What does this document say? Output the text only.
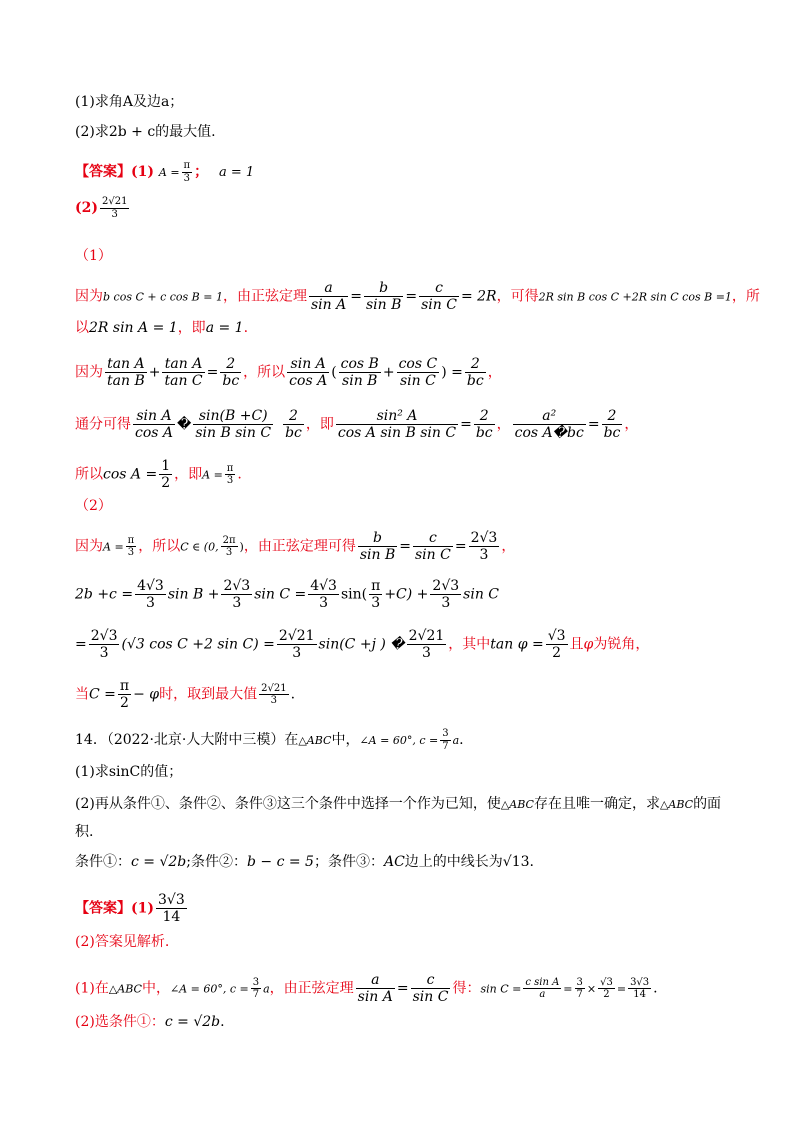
(1)求角A及边a；
(2)求2b + c的最大值.
【答案】(1) $A = \frac{\pi}{3}$ ； a = 1
$(2) \frac{2√21}{3}$
（1）
因为b cos C + c cos B = 1，由正弦定理 $\frac{a}{\text{sin A}} = \frac{b}{\text{sin B}} = \frac{c}{\text{sin C}} = 2R$，可得2R sin B cos C +2R sin C cos B =1，所
以2R sin A = 1，即a = 1.
因为 $\frac{\text{tan A}}{\text{tan B}} + \frac{\text{tan A}}{\text{tan C}} = \frac{2}{bc}$ ，所以 $\frac{\text{sin A}}{\text{cos A}}$ ( $\frac{\text{cos B}}{\text{sin B}} + \frac{\text{cos C}}{\text{sin C}}$ ) = $\frac{2}{bc}$ ，
通分可得 $\frac{\text{sin A}}{\text{cos A}}$ � $\frac{\sin(B +C)}{\text{sin B sin C}} \frac{2}{bc}$ ，即 $\frac{\text{sin² A}}{\text{cos A sin B sin C}} = \frac{2}{bc}$ ， $\frac{\text{a²}}{\text{cos A�bc}} = \frac{2}{bc}$ ，
所以$\cos A = \frac{1}{2}$ ，即$A = \frac{\pi}{3}$ .
（2）
因为$A = \frac{\pi}{3}$ ，所以C ∈ (0, $\frac{2\pi}{3}$ )，由正弦定理可得 $\frac{b}{\text{sin B}} = \frac{c}{\text{sin C}} = \frac{2√3}{3}$ ，
$2b +c = \frac{4√3}{3}$ $\sin B + \frac{2√3}{3}$ $\sin C = \frac{4√3}{3} \sin( \frac{\pi}{3} +C) + \frac{2√3}{3}$ sin C
= $\frac{2√3}{3} (√3$ cos C +2 $\sin C) = \frac{2√21}{3} \sin(C +j$ ) � $\frac{2√21}{3}$ ，其中$\tan \varphi = \frac{√3}{2}$ 且φ为锐角，
当$C = \frac{\pi}{2} - \varphi$时，取到最大值 $\frac{2√21}{3}$ .
14．（2022·北京·人大附中三模）在△ABC中，∠A = 60°, $c = \frac{3}{7} a$.
(1)求sinC的值；
(2)再从条件①、条件②、条件③这三个条件中选择一个作为已知，使△ABC存在且唯一确定，求△ABC的面
积.
条件①：c = √2b;条件②：b − c = 5；条件③：AC边上的中线长为√13.
【答案】$(1) \frac{3√3}{14}$
(2)答案见解析.
(1)在△ABC中，∠A = 60°, $c = \frac{3}{7}$ a，由正弦定理 $\frac{a}{\text{sin A}} = \frac{c}{\text{sin C}}$ 得：$\sin C = \frac{\text{c sin A}}{a} = \frac{3}{7} \times \frac{√3}{2} = \frac{3√3}{14}$ .
(2)选条件①：c = √2b.
